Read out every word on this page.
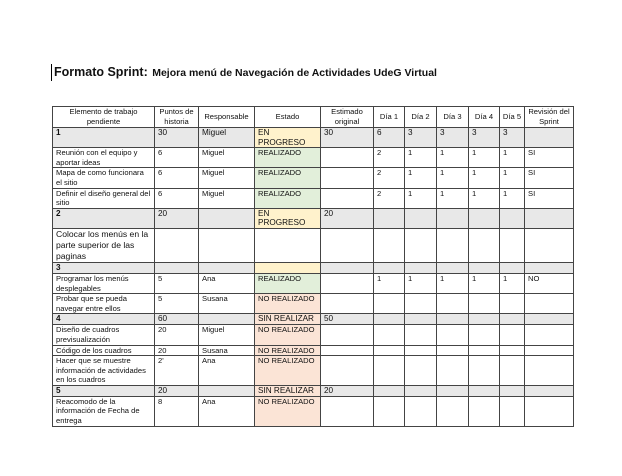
Formato Sprint: Mejora menú de Navegación de Actividades UdeG Virtual
Elemento de trabajo pendiente	Puntos de historia	Responsable	Estado	Estimado original	Día 1	Día 2	Día 3	Día 4	Día 5	Revisión del Sprint
1	30	Miguel	EN PROGRESO	30	6	3	3	3	3	
Reunión con el equipo y aportar ideas	6	Miguel	REALIZADO		2	1	1	1	1	SI
Mapa de como funcionara el sitio	6	Miguel	REALIZADO		2	1	1	1	1	SI
Definir el diseño general del sitio	6	Miguel	REALIZADO		2	1	1	1	1	SI
2	20		EN PROGRESO	20						
Colocar los menús en la parte superior de las paginas										
3										
Programar los menús desplegables	5	Ana	REALIZADO		1	1	1	1	1	NO
Probar que se pueda navegar entre ellos	5	Susana	NO REALIZADO							
4	60		SIN REALIZAR	50						
Diseño de cuadros previsualización	20	Miguel	NO REALIZADO							
Código de los cuadros	20	Susana	NO REALIZADO							
Hacer que se muestre información de actividades en los cuadros	2'	Ana	NO REALIZADO							
5	20		SIN REALIZAR	20						
Reacomodo de la información de Fecha de entrega	8	Ana	NO REALIZADO							
